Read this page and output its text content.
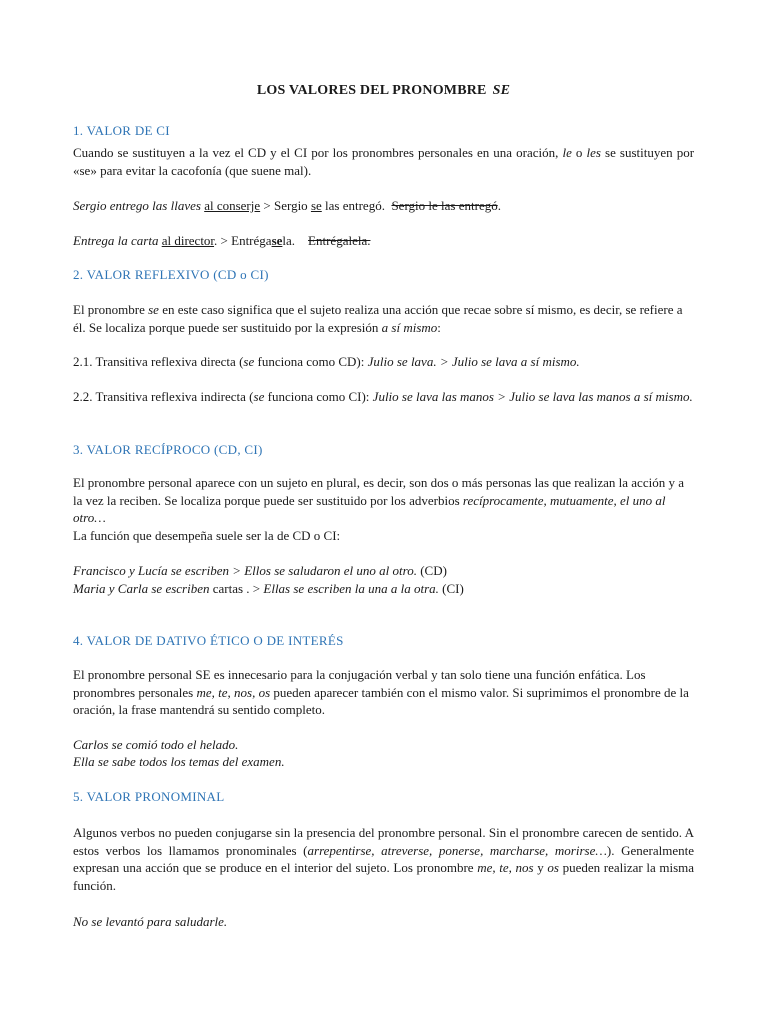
LOS VALORES DEL PRONOMBRE SE
1. VALOR DE CI

Cuando se sustituyen a la vez el CD y el CI por los pronombres personales en una oración, le o les se sustituyen por «se» para evitar la cacofonía (que suene mal).

Sergio entrego las llaves al conserje > Sergio se las entregó. Sergio le las entregó.

Entrega la carta al director. > Entrégasela. Entrégalela.

2. VALOR REFLEXIVO (CD o CI)

El pronombre se en este caso significa que el sujeto realiza una acción que recae sobre sí mismo, es decir, se refiere a él. Se localiza porque puede ser sustituido por la expresión a sí mismo:

2.1. Transitiva reflexiva directa (se funciona como CD): Julio se lava. > Julio se lava a sí mismo.

2.2. Transitiva reflexiva indirecta (se funciona como CI): Julio se lava las manos > Julio se lava las manos a sí mismo.

3. VALOR RECÍPROCO (CD, CI)

El pronombre personal aparece con un sujeto en plural, es decir, son dos o más personas las que realizan la acción y a la vez la reciben. Se localiza porque puede ser sustituido por los adverbios recíprocamente, mutuamente, el uno al otro…

La función que desempeña suele ser la de CD o CI:

Francisco y Lucía se escriben > Ellos se saludaron el uno al otro. (CD)

Maria y Carla se escriben cartas . > Ellas se escriben la una a la otra. (CI)

4. VALOR DE DATIVO ÉTICO O DE INTERÉS

El pronombre personal SE es innecesario para la conjugación verbal y tan solo tiene una función enfática. Los pronombres personales me, te, nos, os pueden aparecer también con el mismo valor. Si suprimimos el pronombre de la oración, la frase mantendrá su sentido completo.

Carlos se comió todo el helado.

Ella se sabe todos los temas del examen.

5. VALOR PRONOMINAL

Algunos verbos no pueden conjugarse sin la presencia del pronombre personal. Sin el pronombre carecen de sentido. A estos verbos los llamamos pronominales (arrepentirse, atreverse, ponerse, marcharse, morirse…). Generalmente expresan una acción que se produce en el interior del sujeto. Los pronombre me, te, nos y os pueden realizar la misma función.

No se levantó para saludarle.
